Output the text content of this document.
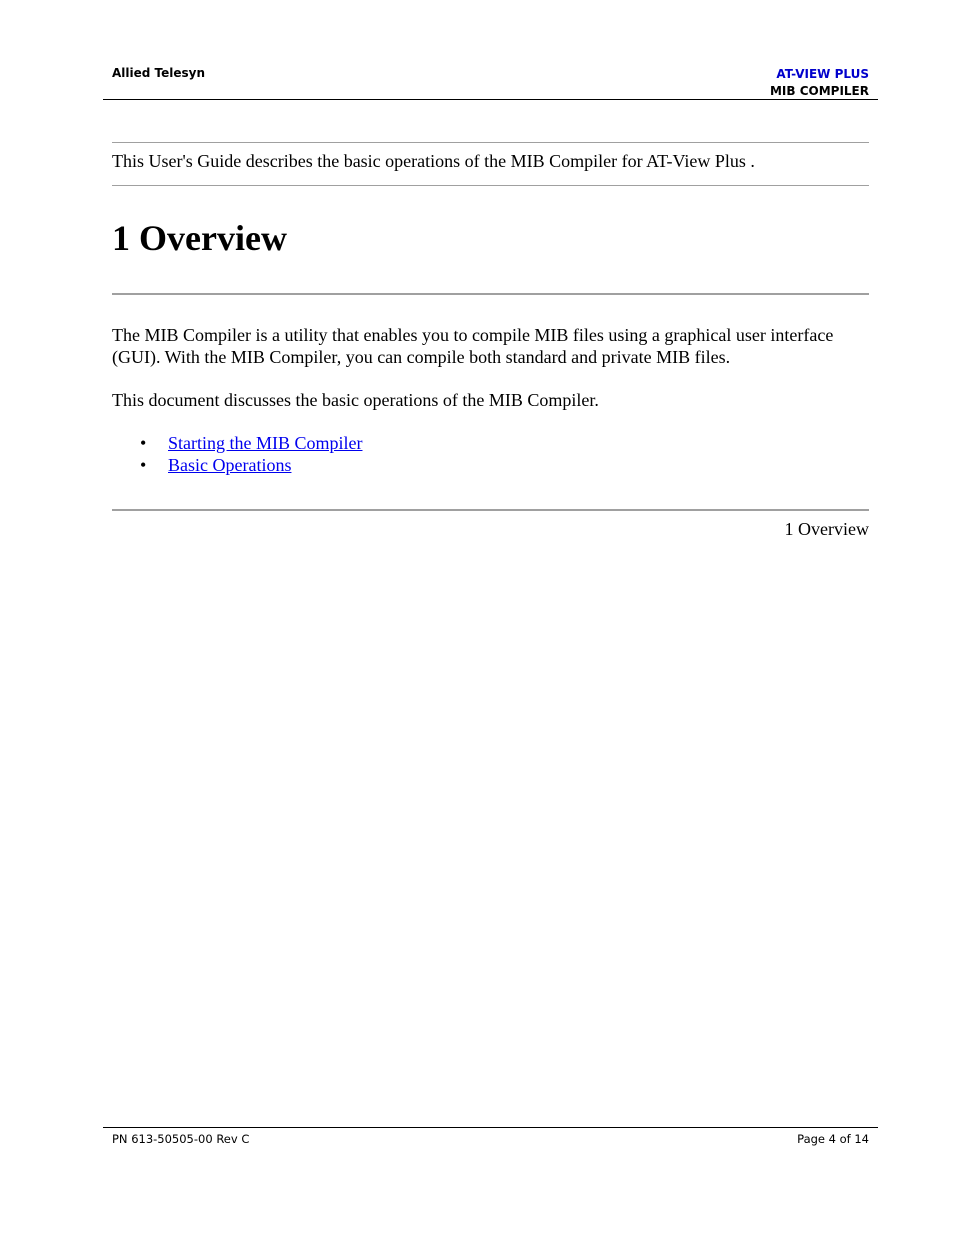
Allied Telesyn	AT-VIEW PLUS
MIB COMPILER
This User's Guide describes the basic operations of the MIB Compiler for AT-View Plus .
1 Overview

The MIB Compiler is a utility that enables you to compile MIB files using a graphical user interface (GUI). With the MIB Compiler, you can compile both standard and private MIB files.

This document discusses the basic operations of the MIB Compiler.

• Starting the MIB Compiler
• Basic Operations
1 Overview
PN 613-50505-00 Rev C	Page 4 of 14
